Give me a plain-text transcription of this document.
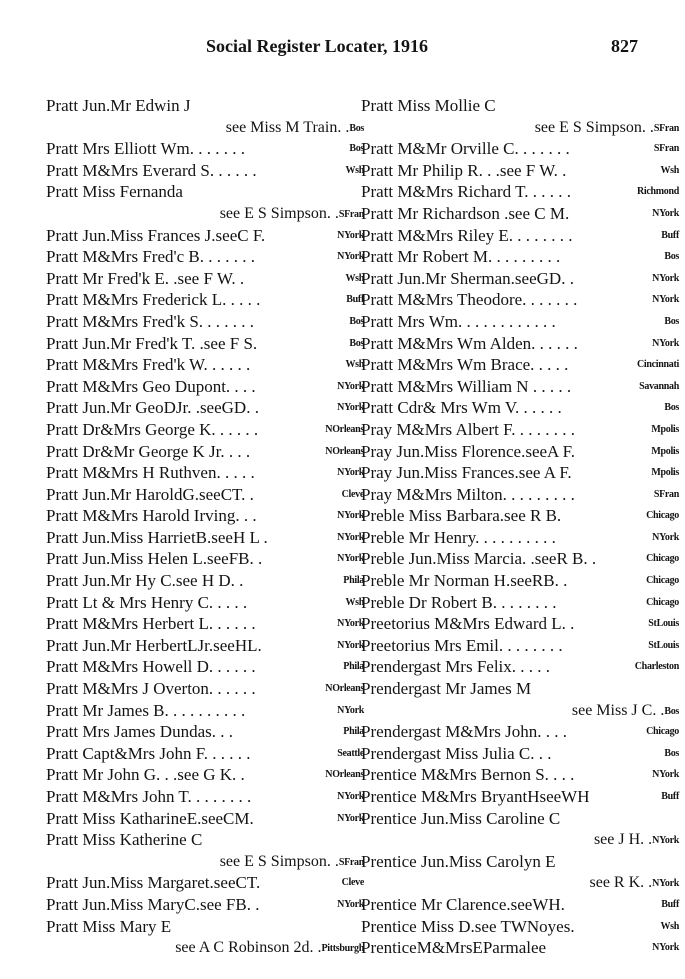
Social Register Locater, 1916	827
Pratt Jun.Mr Edwin J
see Miss M Train. .Bos
Pratt Mrs Elliott Wm. . . . . . .	Bos
Pratt M&Mrs Everard S. . . . . .	Wsh
Pratt Miss Fernanda
see E S Simpson. .SFran
Pratt Jun.Miss Frances J.seeC F.	NYork
Pratt M&Mrs Fred'c B. . . . . . .	NYork
Pratt Mr Fred'k E. .see F W. .	Wsh
Pratt M&Mrs Frederick L. . . . .	Buff
Pratt M&Mrs Fred'k S. . . . . . .	Bos
Pratt Jun.Mr Fred'k T. .see F S.	Bos
Pratt M&Mrs Fred'k W. . . . . .	Wsh
Pratt M&Mrs Geo Dupont. . . .	NYork
Pratt Jun.Mr GeoDJr. .seeGD. .	NYork
Pratt Dr&Mrs George K. . . . . .	NOrleans
Pratt Dr&Mr George K Jr. . . .	NOrleans
Pratt M&Mrs H Ruthven. . . . .	NYork
Pratt Jun.Mr HaroldG.seeCT. .	Cleve
Pratt M&Mrs Harold Irving. . .	NYork
Pratt Jun.Miss HarrietB.seeH L .	NYork
Pratt Jun.Miss Helen L.seeFB. .	NYork
Pratt Jun.Mr Hy C.see H D. .	Phila
Pratt Lt & Mrs Henry C. . . . .	Wsh
Pratt M&Mrs Herbert L. . . . . .	NYork
Pratt Jun.Mr HerbertLJr.seeHL.	NYork
Pratt M&Mrs Howell D. . . . . .	Phila
Pratt M&Mrs J Overton. . . . . .	NOrleans
Pratt Mr James B. . . . . . . . . .	NYork
Pratt Mrs James Dundas. . .	Phila
Pratt Capt&Mrs John F. . . . . .	Seattle
Pratt Mr John G. . .see G K. .	NOrleans
Pratt M&Mrs John T. . . . . . . .	NYork
Pratt Miss KatharineE.seeCM.	NYork
Pratt Miss Katherine C
see E S Simpson. .SFran
Pratt Jun.Miss Margaret.seeCT.	Cleve
Pratt Jun.Miss MaryC.see FB. .	NYork
Pratt Miss Mary E
see A C Robinson 2d. .Pittsburgh
Pratt Miss Mollie C
see E S Simpson. .SFran
Pratt M&Mr Orville C. . . . . . .	SFran
Pratt Mr Philip R. . .see F W. .	Wsh
Pratt M&Mrs Richard T. . . . . .	Richmond
Pratt Mr Richardson .see C M.	NYork
Pratt M&Mrs Riley E. . . . . . . .	Buff
Pratt Mr Robert M. . . . . . . . .	Bos
Pratt Jun.Mr Sherman.seeGD. .	NYork
Pratt M&Mrs Theodore. . . . . . .	NYork
Pratt Mrs Wm. . . . . . . . . . . .	Bos
Pratt M&Mrs Wm Alden. . . . . .	NYork
Pratt M&Mrs Wm Brace. . . . .	Cincinnati
Pratt M&Mrs William N . . . . .	Savannah
Pratt Cdr& Mrs Wm V. . . . . .	Bos
Pray M&Mrs Albert F. . . . . . . .	Mpolis
Pray Jun.Miss Florence.seeA F.	Mpolis
Pray Jun.Miss Frances.see A F.	Mpolis
Pray M&Mrs Milton. . . . . . . . .	SFran
Preble Miss Barbara.see R B.	Chicago
Preble Mr Henry. . . . . . . . . .	NYork
Preble Jun.Miss Marcia. .seeR B. .	Chicago
Preble Mr Norman H.seeRB. .	Chicago
Preble Dr Robert B. . . . . . . .	Chicago
Preetorius M&Mrs Edward L. .	StLouis
Preetorius Mrs Emil. . . . . . . .	StLouis
Prendergast Mrs Felix. . . . .	Charleston
Prendergast Mr James M
see Miss J C. .Bos
Prendergast M&Mrs John. . . .	Chicago
Prendergast Miss Julia C. . .	Bos
Prentice M&Mrs Bernon S. . . .	NYork
Prentice M&Mrs BryantHseeWH	Buff
Prentice Jun.Miss Caroline C
see J H. .NYork
Prentice Jun.Miss Carolyn E
see R K. .NYork
Prentice Mr Clarence.seeWH.	Buff
Prentice Miss D.see TWNoyes.	Wsh
PrenticeM&MrsEParmalee	NYork
